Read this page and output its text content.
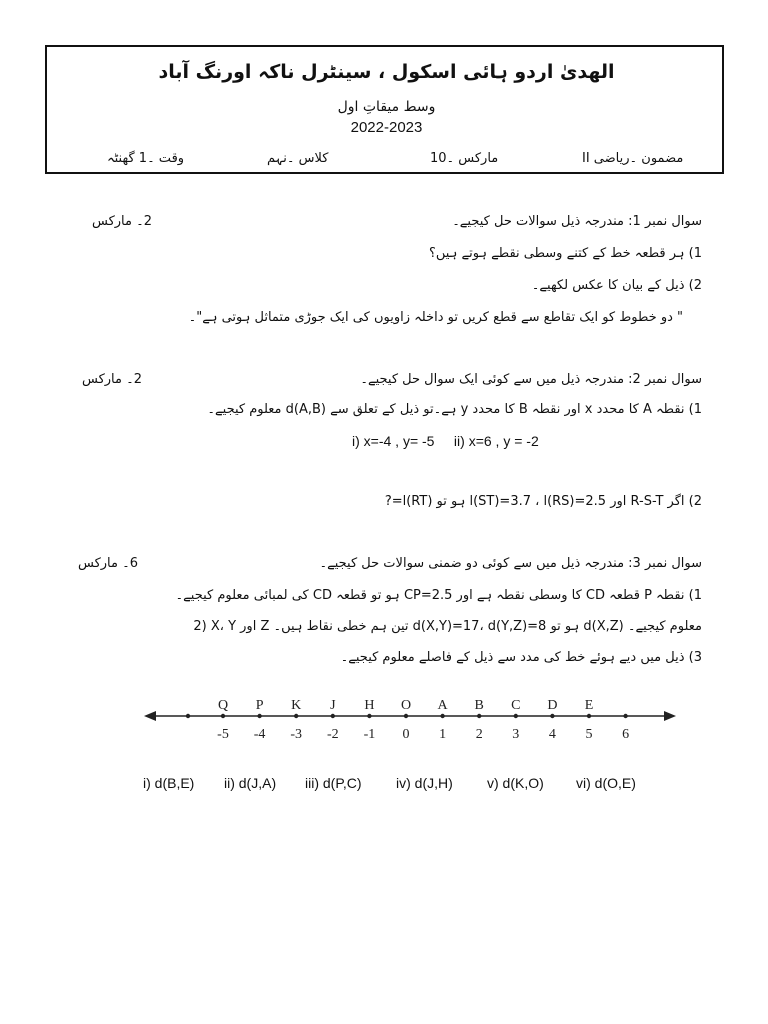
الھدیٰ اردو ہائی اسکول ، سینٹرل ناکہ اورنگ آباد
وسط میقاتِ اول
2022-2023
مضمون ۔ریاضی II
مارکس ۔10
کلاس ۔نہم
وقت ۔1 گھنٹہ
سوال نمبر 1: مندرجہ ذیل سوالات حل کیجیے۔
2۔ مارکس
1) ہر قطعہ خط کے کتنے وسطی نقطے ہوتے ہیں؟
2) ذیل کے بیان کا عکس لکھیے۔
" دو خطوط کو ایک تقاطع سے قطع کریں تو داخلہ زاویوں کی ایک جوڑی متماثل ہوتی ہے"۔
سوال نمبر 2: مندرجہ ذیل میں سے کوئی ایک سوال حل کیجیے۔
2۔ مارکس
1) نقطہ A کا محدد x اور نقطہ B کا محدد y ہے۔تو ذیل کے تعلق سے d(A,B) معلوم کیجیے۔
i) x=-4 , y= -5     ii) x=6 , y = -2
2) اگر R-S-T اور l(ST)=3.7 ، l(RS)=2.5 ہو تو l(RT)=?
سوال نمبر 3: مندرجہ ذیل میں سے کوئی دو ضمنی سوالات حل کیجیے۔
6۔ مارکس
1) نقطہ P قطعہ CD کا وسطی نقطہ ہے اور CP=2.5 ہو تو قطعہ CD کی لمبائی معلوم کیجیے۔
2) X، Y اور Z تین ہم خطی نقاط ہیں۔ d(X,Y)=17، d(Y,Z)=8 ہو تو d(X,Z) معلوم کیجیے۔
3) ذیل میں دیے ہوئے خط کی مدد سے ذیل کے فاصلے معلوم کیجیے۔
-5
Q
-4
P
-3
K
-2
J
-1
H
0
O
1
A
2
B
3
C
4
D
5
E
6
i) d(B,E) ii) d(J,A) iii) d(P,C) iv) d(J,H) v) d(K,O) vi) d(O,E)
